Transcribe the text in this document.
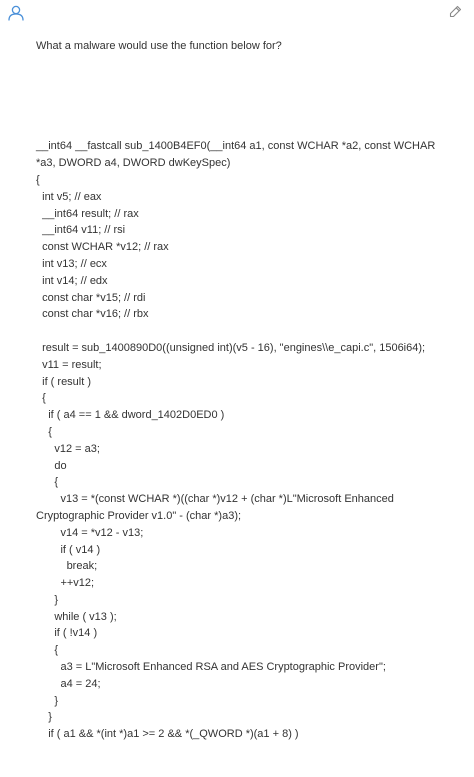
What a malware would use the function below for?

__int64 __fastcall sub_1400B4EF0(__int64 a1, const WCHAR *a2, const WCHAR *a3, DWORD a4, DWORD dwKeySpec)
{
int v5; // eax
__int64 result; // rax
__int64 v11; // rsi
const WCHAR *v12; // rax
int v13; // ecx
int v14; // edx
const char *v15; // rdi
const char *v16; // rbx

result = sub_1400890D0((unsigned int)(v5 - 16), "engines\\e_capi.c", 1506i64);
v11 = result;
if ( result )
{
if ( a4 == 1 && dword_1402D0ED0 )
{
v12 = a3;
do
{
v13 = *(const WCHAR *)((char *)v12 + (char *)L"Microsoft Enhanced Cryptographic Provider v1.0" - (char *)a3);
v14 = *v12 - v13;
if ( v14 )
break;
++v12;
}
while ( v13 );
if ( !v14 )
{
a3 = L"Microsoft Enhanced RSA and AES Cryptographic Provider";
a4 = 24;
}
}
if ( a1 && *(int *)a1 >= 2 && *(_QWORD *)(a1 + 8) )
